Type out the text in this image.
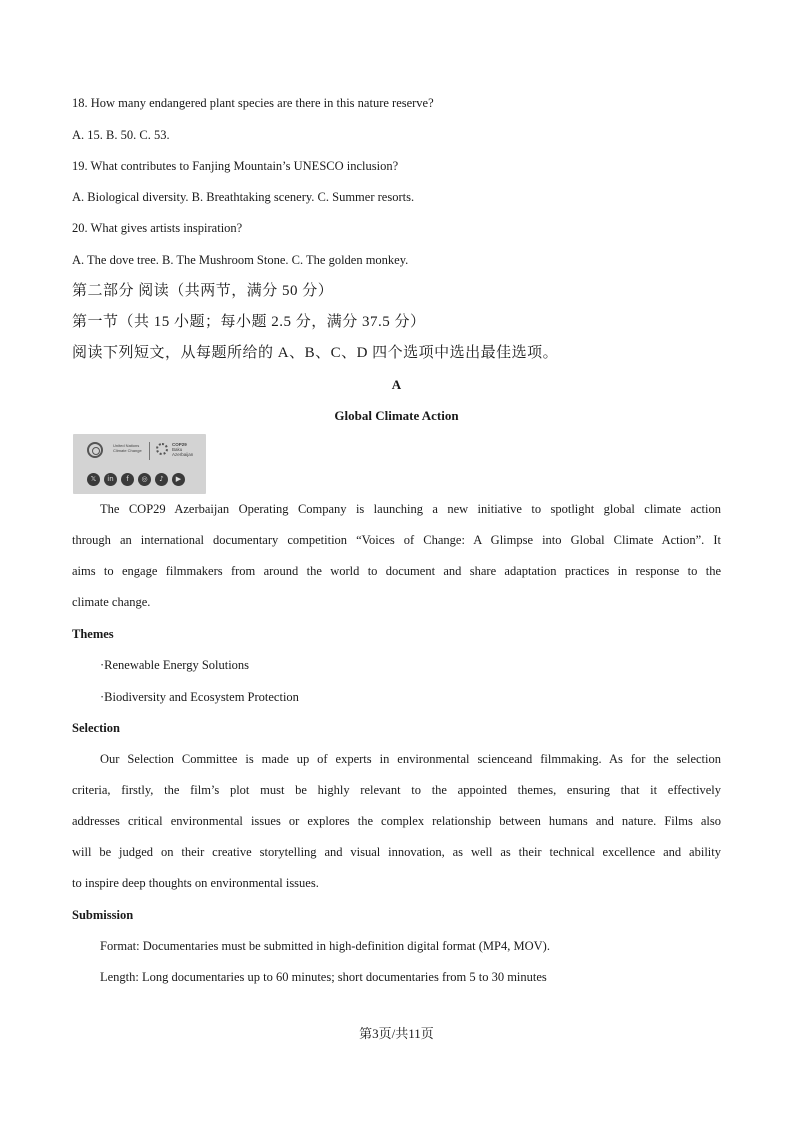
18. How many endangered plant species are there in this nature reserve?
A. 15. B. 50. C. 53.
19. What contributes to Fanjing Mountain’s UNESCO inclusion?
A. Biological diversity. B. Breathtaking scenery. C. Summer resorts.
20. What gives artists inspiration?
A. The dove tree. B. The Mushroom Stone. C. The golden monkey.
第二部分 阅读（共两节，满分 50 分）
第一节（共 15 小题；每小题 2.5 分，满分 37.5 分）
阅读下列短文，从每题所给的 A、B、C、D 四个选项中选出最佳选项。
A
Global Climate Action
United Nations
Climate Change
COP29
Baku
Azerbaijan
𝕏	in	f	◎	♪	▶
The COP29 Azerbaijan Operating Company is launching a new initiative to spotlight global climate action
through an international documentary competition “Voices of Change: A Glimpse into Global Climate Action”. It
aims to engage filmmakers from around the world to document and share adaptation practices in response to the
climate change.
Themes
·Renewable Energy Solutions
·Biodiversity and Ecosystem Protection
Selection
Our Selection Committee is made up of experts in environmental scienceand filmmaking. As for the selection
criteria, firstly, the film’s plot must be highly relevant to the appointed themes, ensuring that it effectively
addresses critical environmental issues or explores the complex relationship between humans and nature. Films also
will be judged on their creative storytelling and visual innovation, as well as their technical excellence and ability
to inspire deep thoughts on environmental issues.
Submission
Format: Documentaries must be submitted in high-definition digital format (MP4, MOV).
Length: Long documentaries up to 60 minutes; short documentaries from 5 to 30 minutes
第3页/共11页
